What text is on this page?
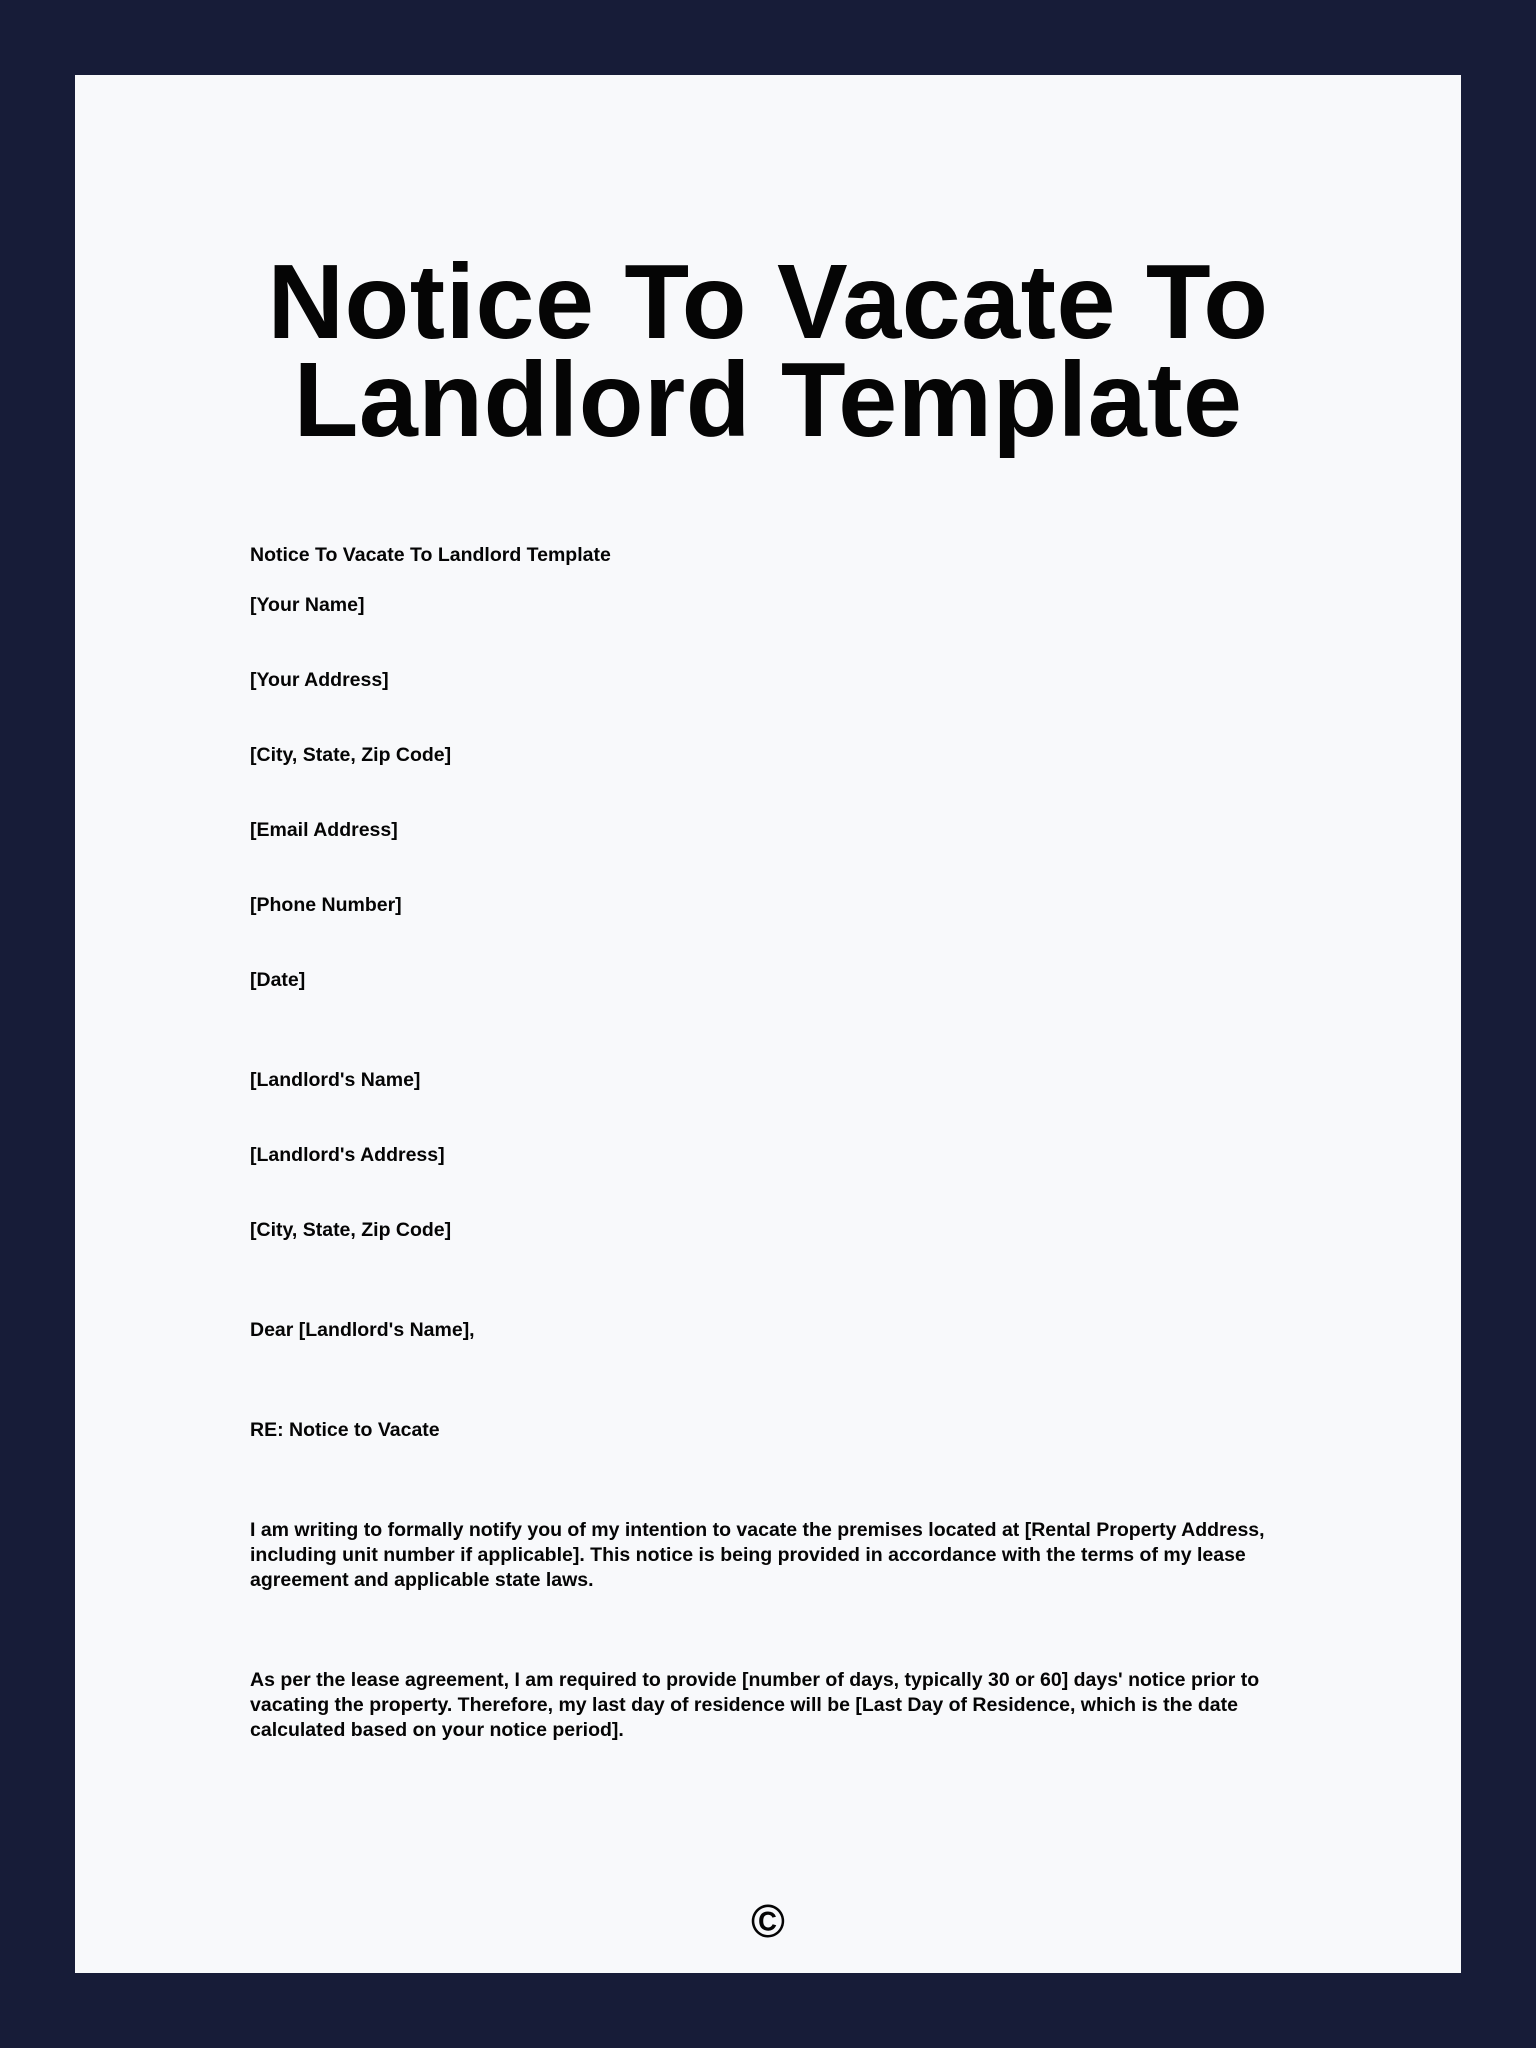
Notice To Vacate To
Landlord Template

Notice To Vacate To Landlord Template

[Your Name]

[Your Address]

[City, State, Zip Code]

[Email Address]

[Phone Number]

[Date]

[Landlord's Name]

[Landlord's Address]

[City, State, Zip Code]

Dear [Landlord's Name],

RE: Notice to Vacate

I am writing to formally notify you of my intention to vacate the premises located at [Rental Property Address, including unit number if applicable]. This notice is being provided in accordance with the terms of my lease agreement and applicable state laws.

As per the lease agreement, I am required to provide [number of days, typically 30 or 60] days' notice prior to vacating the property. Therefore, my last day of residence will be [Last Day of Residence, which is the date calculated based on your notice period].

©
